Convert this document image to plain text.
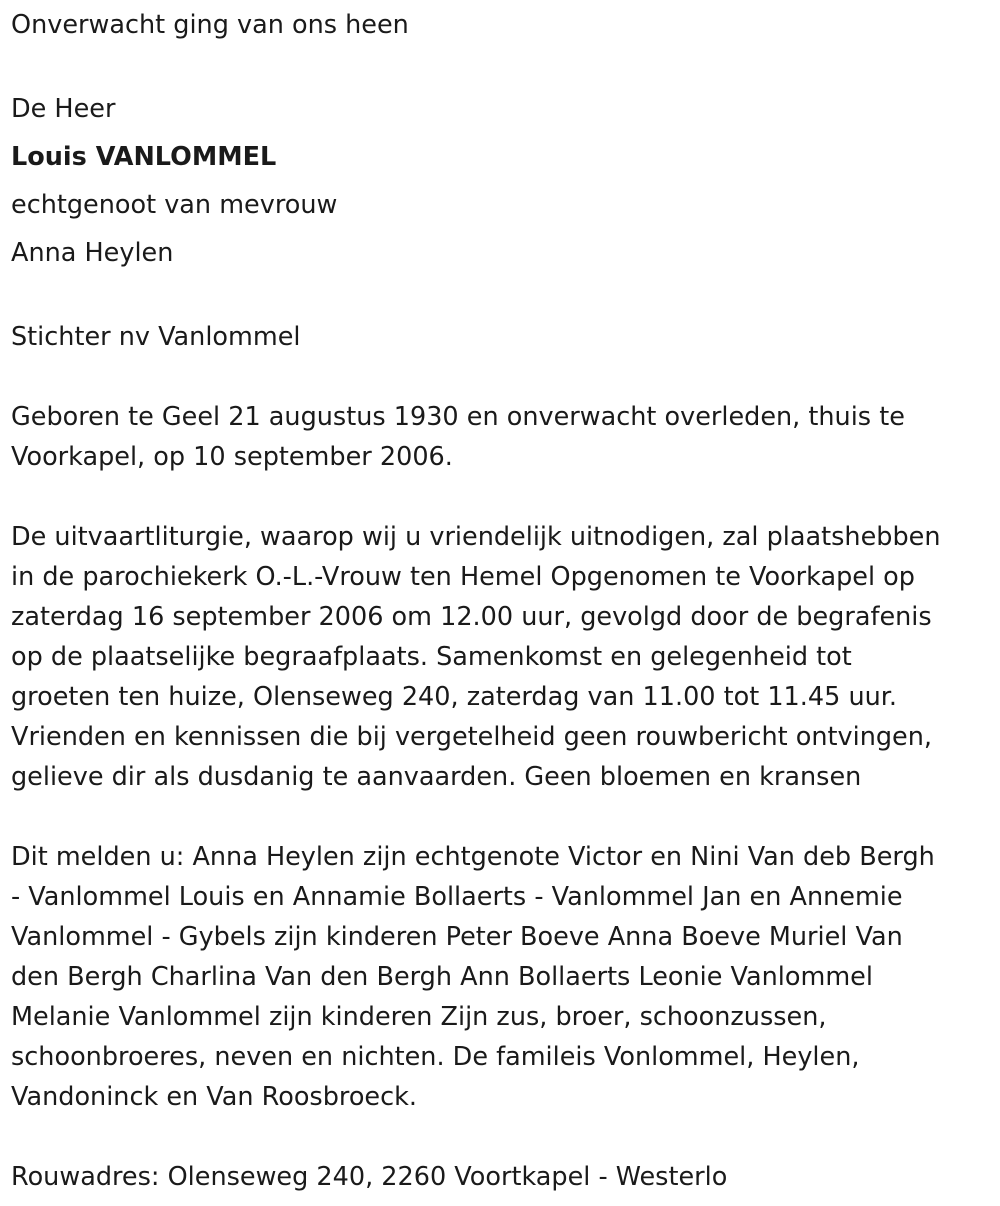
Onverwacht ging van ons heen
De Heer
Louis VANLOMMEL
echtgenoot van mevrouw
Anna Heylen
Stichter nv Vanlommel
Geboren te Geel 21 augustus 1930 en onverwacht overleden, thuis te
Voorkapel, op 10 september 2006.
De uitvaartliturgie, waarop wij u vriendelijk uitnodigen, zal plaatshebben
in de parochiekerk O.-L.-Vrouw ten Hemel Opgenomen te Voorkapel op
zaterdag 16 september 2006 om 12.00 uur, gevolgd door de begrafenis
op de plaatselijke begraafplaats. Samenkomst en gelegenheid tot
groeten ten huize, Olenseweg 240, zaterdag van 11.00 tot 11.45 uur.
Vrienden en kennissen die bij vergetelheid geen rouwbericht ontvingen,
gelieve dir als dusdanig te aanvaarden. Geen bloemen en kransen
Dit melden u: Anna Heylen zijn echtgenote Victor en Nini Van deb Bergh
- Vanlommel Louis en Annamie Bollaerts - Vanlommel Jan en Annemie
Vanlommel - Gybels zijn kinderen Peter Boeve Anna Boeve Muriel Van
den Bergh Charlina Van den Bergh Ann Bollaerts Leonie Vanlommel
Melanie Vanlommel zijn kinderen Zijn zus, broer, schoonzussen,
schoonbroeres, neven en nichten. De famileis Vonlommel, Heylen,
Vandoninck en Van Roosbroeck.
Rouwadres: Olenseweg 240, 2260 Voortkapel - Westerlo
